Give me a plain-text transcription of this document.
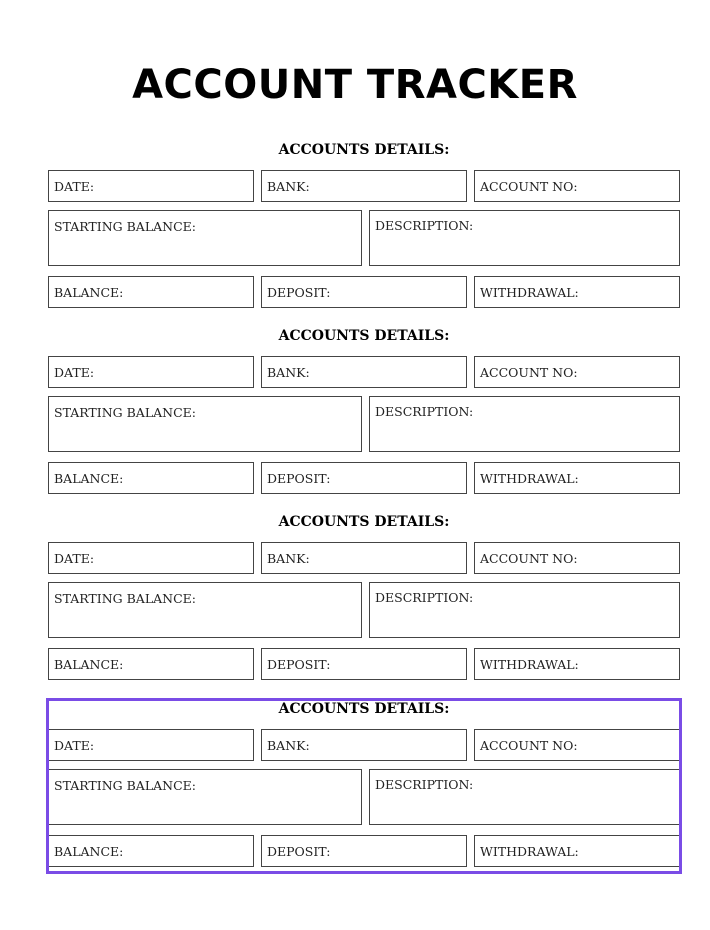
ACCOUNT TRACKER
ACCOUNTS DETAILS:
DATE:	BANK:	ACCOUNT NO:
STARTING BALANCE:	DESCRIPTION:
BALANCE:	DEPOSIT:	WITHDRAWAL:
ACCOUNTS DETAILS:
DATE:	BANK:	ACCOUNT NO:
STARTING BALANCE:	DESCRIPTION:
BALANCE:	DEPOSIT:	WITHDRAWAL:
ACCOUNTS DETAILS:
DATE:	BANK:	ACCOUNT NO:
STARTING BALANCE:	DESCRIPTION:
BALANCE:	DEPOSIT:	WITHDRAWAL:
ACCOUNTS DETAILS:
DATE:	BANK:	ACCOUNT NO:
STARTING BALANCE:	DESCRIPTION:
BALANCE:	DEPOSIT:	WITHDRAWAL:
